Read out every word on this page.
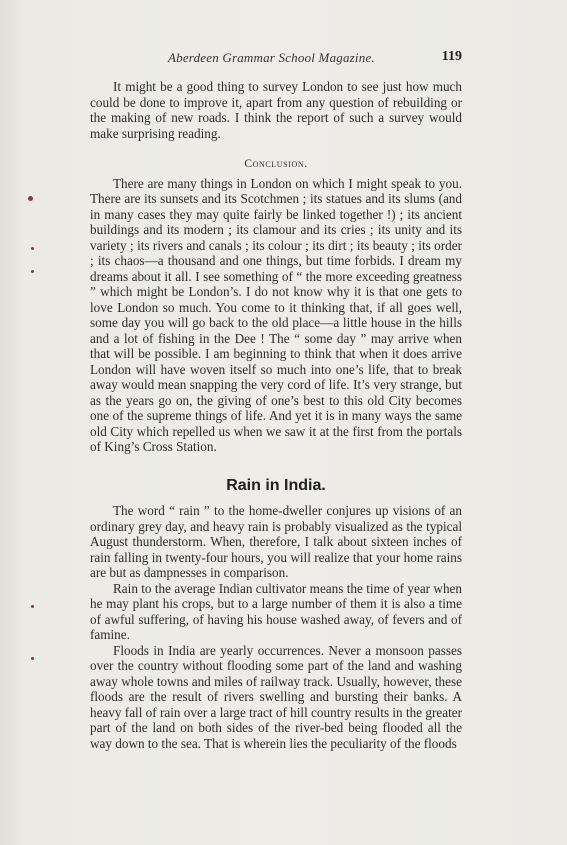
Aberdeen Grammar School Magazine.	119

It might be a good thing to survey London to see just how much could be done to improve it, apart from any question of rebuilding or the making of new roads. I think the report of such a survey would make surprising reading.

Conclusion.

There are many things in London on which I might speak to you. There are its sunsets and its Scotchmen ; its statues and its slums (and in many cases they may quite fairly be linked together !) ; its ancient buildings and its modern ; its clamour and its cries ; its unity and its variety ; its rivers and canals ; its colour ; its dirt ; its beauty ; its order ; its chaos—a thousand and one things, but time forbids. I dream my dreams about it all. I see something of “ the more exceeding greatness ” which might be London’s. I do not know why it is that one gets to love London so much. You come to it thinking that, if all goes well, some day you will go back to the old place—a little house in the hills and a lot of fishing in the Dee ! The “ some day ” may arrive when that will be possible. I am beginning to think that when it does arrive London will have woven itself so much into one’s life, that to break away would mean snapping the very cord of life. It’s very strange, but as the years go on, the giving of one’s best to this old City becomes one of the supreme things of life. And yet it is in many ways the same old City which repelled us when we saw it at the first from the portals of King’s Cross Station.

Rain in India.

The word “ rain ” to the home-dweller conjures up visions of an ordinary grey day, and heavy rain is probably visualized as the typical August thunderstorm. When, therefore, I talk about sixteen inches of rain falling in twenty-four hours, you will realize that your home rains are but as dampnesses in comparison.

Rain to the average Indian cultivator means the time of year when he may plant his crops, but to a large number of them it is also a time of awful suffering, of having his house washed away, of fevers and of famine.

Floods in India are yearly occurrences. Never a monsoon passes over the country without flooding some part of the land and washing away whole towns and miles of railway track. Usually, however, these floods are the result of rivers swelling and bursting their banks. A heavy fall of rain over a large tract of hill country results in the greater part of the land on both sides of the river-bed being flooded all the way down to the sea. That is wherein lies the peculiarity of the floods
